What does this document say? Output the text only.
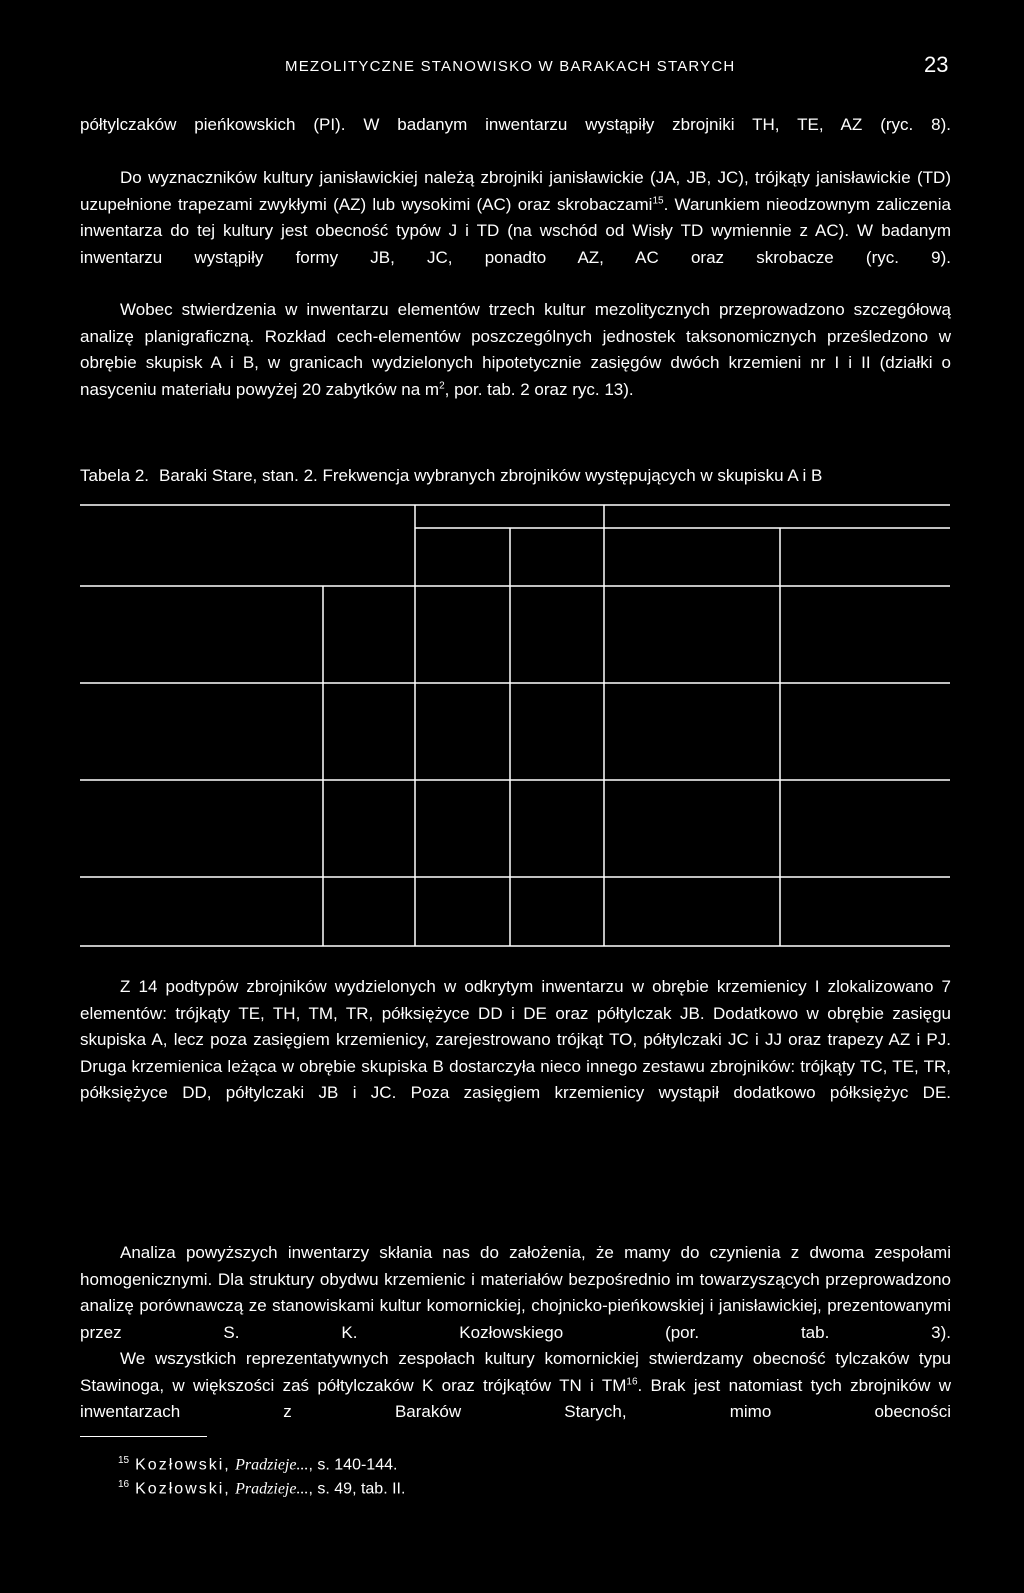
MEZOLITYCZNE STANOWISKO W BARAKACH STARYCH	23

półtylczaków pieńkowskich (PI). W badanym inwentarzu wystąpiły zbrojniki TH, TE, AZ (ryc. 8).

Do wyznaczników kultury janisławickiej należą zbrojniki janisławickie (JA, JB, JC), trójkąty janisławickie (TD) uzupełnione trapezami zwykłymi (AZ) lub wysokimi (AC) oraz skrobaczami$^{15}$. Warunkiem nieodzownym zaliczenia inwentarza do tej kultury jest obecność typów J i TD (na wschód od Wisły TD wymiennie z AC). W badanym inwentarzu wystąpiły formy JB, JC, ponadto AZ, AC oraz skrobacze (ryc. 9).

Wobec stwierdzenia w inwentarzu elementów trzech kultur mezolitycznych przeprowadzono szczegółową analizę planigraficzną. Rozkład cech-elementów poszczególnych jednostek taksonomicznych prześledzono w obrębie skupisk A i B, w granicach wydzielonych hipotetycznie zasięgów dwóch krzemieni nr I i II (działki o nasyceniu materiału powyżej 20 zabytków na $m^2$, por. tab. 2 oraz ryc. 13).

Tabela 2. Baraki Stare, stan. 2. Frekwencja wybranych zbrojników występujących w skupisku A i B

Z 14 podtypów zbrojników wydzielonych w odkrytym inwentarzu w obrębie krzemienicy I zlokalizowano 7 elementów: trójkąty TE, TH, TM, TR, półksiężyce DD i DE oraz półtylczak JB. Dodatkowo w obrębie zasięgu skupiska A, lecz poza zasięgiem krzemienicy, zarejestrowano trójkąt TO, półtylczaki JC i JJ oraz trapezy AZ i PJ. Druga krzemienica leżąca w obrębie skupiska B dostarczyła nieco innego zestawu zbrojników: trójkąty TC, TE, TR, półksiężyce DD, półtylczaki JB i JC. Poza zasięgiem krzemienicy wystąpił dodatkowo półksiężyc DE.

Analiza powyższych inwentarzy skłania nas do założenia, że mamy do czynienia z dwoma zespołami homogenicznymi. Dla struktury obydwu krzemienic i materiałów bezpośrednio im towarzyszących przeprowadzono analizę porównawczą ze stanowiskami kultur komornickiej, chojnicko-pieńkowskiej i janisławickiej, prezentowanymi przez S. K. Kozłowskiego (por. tab. 3).

We wszystkich reprezentatywnych zespołach kultury komornickiej stwierdzamy obecność tylczaków typu Stawinoga, w większości zaś półtylczaków K oraz trójkątów TN i TM$^{16}$. Brak jest natomiast tych zbrojników w inwentarzach z Baraków Starych, mimo obecności

$^{15}$ Kozłowski, Pradzieje..., s. 140-144.
$^{16}$ Kozłowski, Pradzieje..., s. 49, tab. II.
